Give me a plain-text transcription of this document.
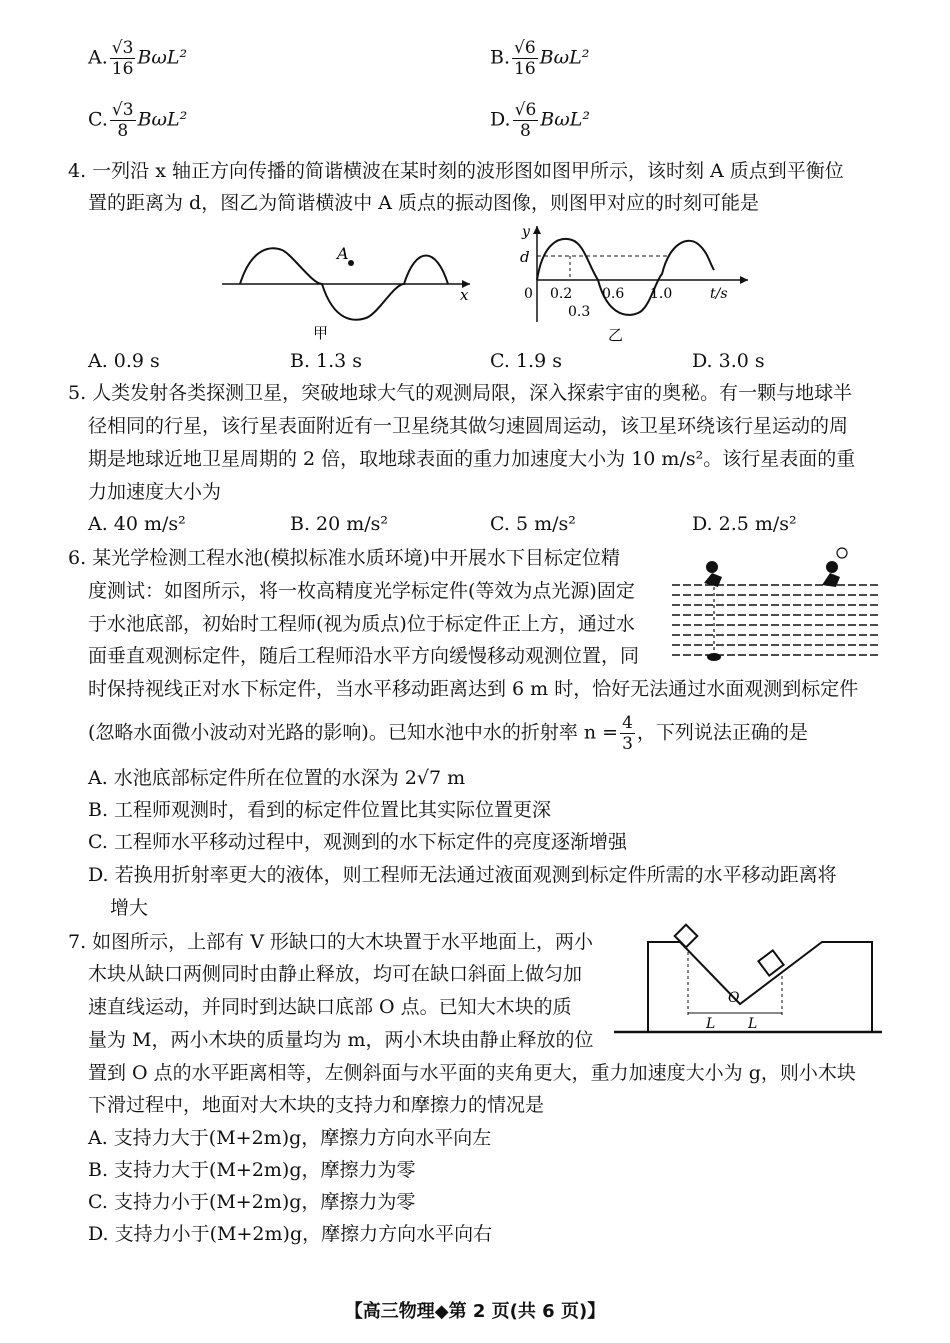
A. $\frac{√3}{16} B\omega L^2$	B. $\frac{√6}{16} B\omega L^2$
C. $\frac{√3}{8} B\omega L^2$	D. $\frac{√6}{8} B\omega L^2$
4. 一列沿 x 轴正方向传播的简谐横波在某时刻的波形图如图甲所示，该时刻 A 质点到平衡位
置的距离为 d，图乙为简谐横波中 A 质点的振动图像，则图甲对应的时刻可能是
A
x
甲
y
d
0 0.2 0.6 1.0
0.3
t/s
乙
A. 0.9 s	B. 1.3 s	C. 1.9 s	D. 3.0 s
5. 人类发射各类探测卫星，突破地球大气的观测局限，深入探索宇宙的奥秘。有一颗与地球半
径相同的行星，该行星表面附近有一卫星绕其做匀速圆周运动，该卫星环绕该行星运动的周
期是地球近地卫星周期的 2 倍，取地球表面的重力加速度大小为 10 m/s²。该行星表面的重
力加速度大小为
A. 40 m/s²	B. 20 m/s²	C. 5 m/s²	D. 2.5 m/s²
6. 某光学检测工程水池(模拟标准水质环境)中开展水下目标定位精
度测试：如图所示，将一枚高精度光学标定件(等效为点光源)固定
于水池底部，初始时工程师(视为质点)位于标定件正上方，通过水
面垂直观测标定件，随后工程师沿水平方向缓慢移动观测位置，同
时保持视线正对水下标定件，当水平移动距离达到 6 m 时，恰好无法通过水面观测到标定件
(忽略水面微小波动对光路的影响)。已知水池中水的折射率 $n = \frac{4}{3}$ ，下列说法正确的是
A. 水池底部标定件所在位置的水深为 2√7 m
B. 工程师观测时，看到的标定件位置比其实际位置更深
C. 工程师水平移动过程中，观测到的水下标定件的亮度逐渐增强
D. 若换用折射率更大的液体，则工程师无法通过液面观测到标定件所需的水平移动距离将
增大
7. 如图所示，上部有 V 形缺口的大木块置于水平地面上，两小
木块从缺口两侧同时由静止释放，均可在缺口斜面上做匀加
速直线运动，并同时到达缺口底部 O 点。已知大木块的质
量为 M，两小木块的质量均为 m，两小木块由静止释放的位
置到 O 点的水平距离相等，左侧斜面与水平面的夹角更大，重力加速度大小为 g，则小木块
下滑过程中，地面对大木块的支持力和摩擦力的情况是
O
L L
A. 支持力大于(M+2m)g，摩擦力方向水平向左
B. 支持力大于(M+2m)g，摩擦力为零
C. 支持力小于(M+2m)g，摩擦力为零
D. 支持力小于(M+2m)g，摩擦力方向水平向右
【高三物理◆第 2 页(共 6 页)】
